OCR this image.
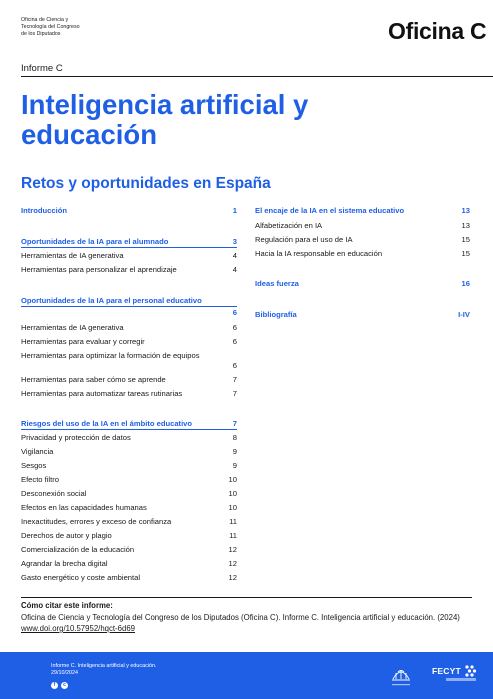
Oficina de Ciencia y
Tecnología del Congreso
de los Diputados	Oficina C
Informe C
Inteligencia artificial y educación
Retos y oportunidades en España
Introducción	1
Oportunidades de la IA para el alumnado	3
Herramientas de IA generativa	4
Herramientas para personalizar el aprendizaje	4
Oportunidades de la IA para el personal educativo
6
Herramientas de IA generativa	6
Herramientas para evaluar y corregir	6
Herramientas para optimizar la formación de equipos
6
Herramientas para saber cómo se aprende	7
Herramientas para automatizar tareas rutinarias	7
Riesgos del uso de la IA en el ámbito educativo	7
Privacidad y protección de datos	8
Vigilancia	9
Sesgos	9
Efecto filtro	10
Desconexión social	10
Efectos en las capacidades humanas	10
Inexactitudes, errores y exceso de confianza	11
Derechos de autor y plagio	11
Comercialización de la educación	12
Agrandar la brecha digital	12
Gasto energético y coste ambiental	12
El encaje de la IA en el sistema educativo	13
Alfabetización en IA	13
Regulación para el uso de IA	15
Hacia la IA responsable en educación	15
Ideas fuerza	16
Bibliografía	I-IV
Cómo citar este informe:
Oficina de Ciencia y Tecnología del Congreso de los Diputados (Oficina C). Informe C. Inteligencia artificial y educación. (2024) www.doi.org/10.57952/hqct-6d69
Informe C. Inteligencia artificial y educación.
29/10/2024
f	c
FECYT
